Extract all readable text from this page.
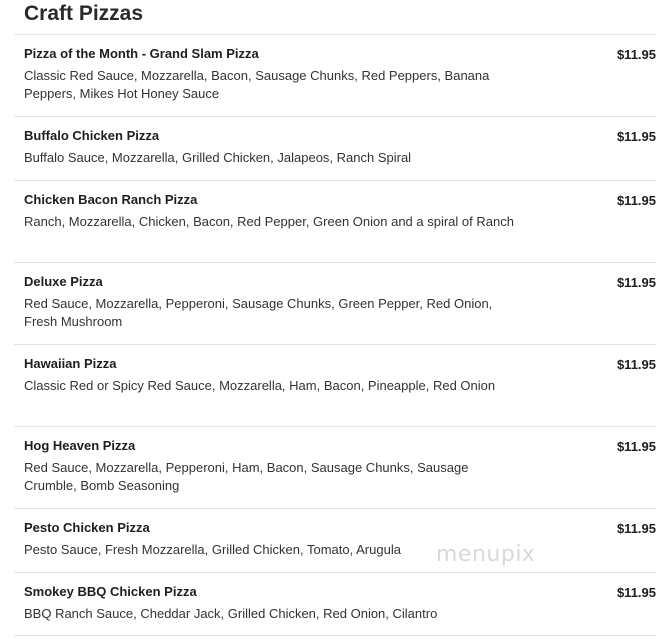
Craft Pizzas
Pizza of the Month - Grand Slam Pizza
Classic Red Sauce, Mozzarella, Bacon, Sausage Chunks, Red Peppers, Banana Peppers, Mikes Hot Honey Sauce
$11.95
Buffalo Chicken Pizza
Buffalo Sauce, Mozzarella, Grilled Chicken, Jalapeos, Ranch Spiral
$11.95
Chicken Bacon Ranch Pizza
Ranch, Mozzarella, Chicken, Bacon, Red Pepper, Green Onion and a spiral of Ranch
$11.95
Deluxe Pizza
Red Sauce, Mozzarella, Pepperoni, Sausage Chunks, Green Pepper, Red Onion, Fresh Mushroom
$11.95
Hawaiian Pizza
Classic Red or Spicy Red Sauce, Mozzarella, Ham, Bacon, Pineapple, Red Onion
$11.95
Hog Heaven Pizza
Red Sauce, Mozzarella, Pepperoni, Ham, Bacon, Sausage Chunks, Sausage Crumble, Bomb Seasoning
$11.95
Pesto Chicken Pizza
Pesto Sauce, Fresh Mozzarella, Grilled Chicken, Tomato, Arugula
$11.95
Smokey BBQ Chicken Pizza
BBQ Ranch Sauce, Cheddar Jack, Grilled Chicken, Red Onion, Cilantro
$11.95
menupix
